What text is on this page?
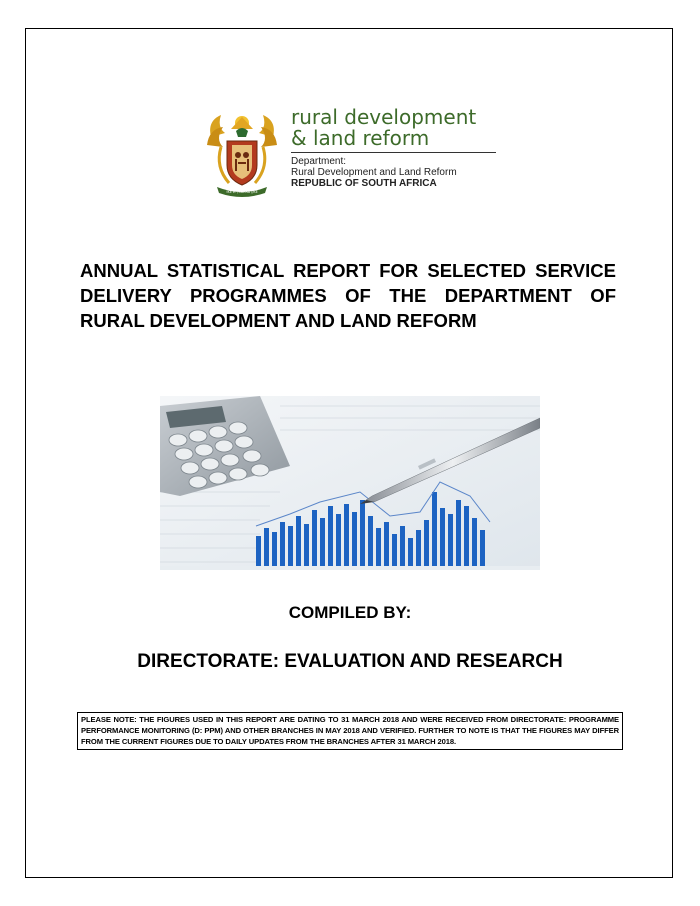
!KE E: /XARRA //KE
rural development
& land reform
Department:
Rural Development and Land Reform
REPUBLIC OF SOUTH AFRICA
ANNUAL STATISTICAL REPORT FOR SELECTED SERVICE DELIVERY PROGRAMMES OF THE DEPARTMENT OF RURAL DEVELOPMENT AND LAND REFORM
COMPILED BY:
DIRECTORATE: EVALUATION AND RESEARCH
PLEASE NOTE: THE FIGURES USED IN THIS REPORT ARE DATING TO 31 MARCH 2018 AND WERE RECEIVED FROM DIRECTORATE: PROGRAMME PERFORMANCE MONITORING (D: PPM) AND OTHER BRANCHES IN MAY 2018 AND VERIFIED. FURTHER TO NOTE IS THAT THE FIGURES MAY DIFFER FROM THE CURRENT FIGURES DUE TO DAILY UPDATES FROM THE BRANCHES AFTER 31 MARCH 2018.
